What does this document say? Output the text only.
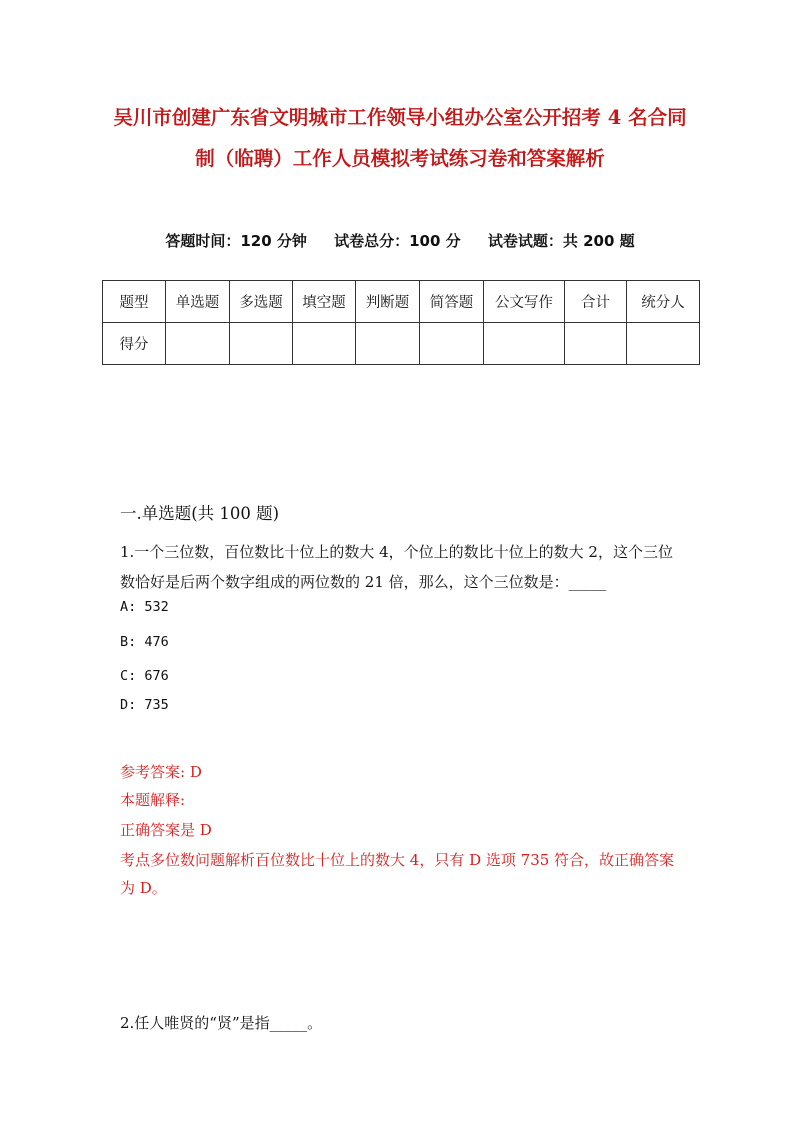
吴川市创建广东省文明城市工作领导小组办公室公开招考 4 名合同
制（临聘）工作人员模拟考试练习卷和答案解析
答题时间：120 分钟 试卷总分：100 分 试卷试题：共 200 题
题型	单选题	多选题	填空题	判断题	简答题	公文写作	合计	统分人
得分								
一.单选题(共 100 题)
1.一个三位数，百位数比十位上的数大 4，个位上的数比十位上的数大 2，这个三位数恰好是后两个数字组成的两位数的 21 倍，那么，这个三位数是：_____
A: 532
B: 476
C: 676
D: 735
参考答案: D
本题解释:
正确答案是 D
考点多位数问题解析百位数比十位上的数大 4，只有 D 选项 735 符合，故正确答案为 D。
2.任人唯贤的“贤”是指_____。
